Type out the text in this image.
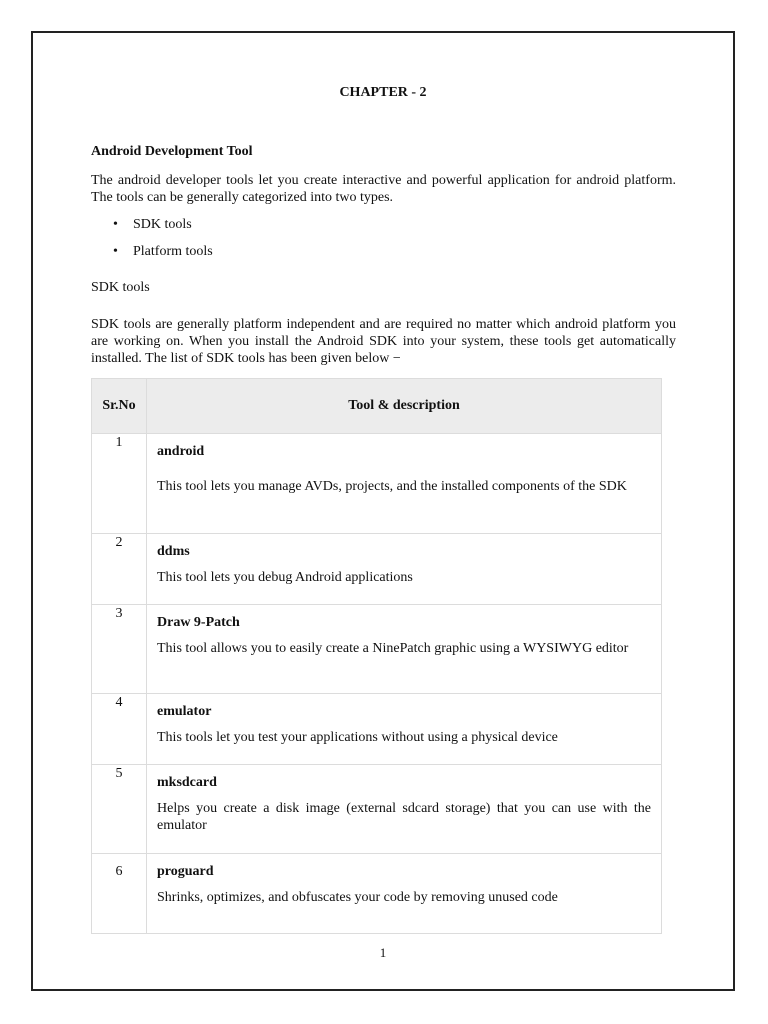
CHAPTER - 2
Android Development Tool
The android developer tools let you create interactive and powerful application for android platform. The tools can be generally categorized into two types.
• SDK tools
• Platform tools
SDK tools
SDK tools are generally platform independent and are required no matter which android platform you are working on. When you install the Android SDK into your system, these tools get automatically installed. The list of SDK tools has been given below −
Sr.No	Tool & description
1	android
This tool lets you manage AVDs, projects, and the installed components of the SDK

2	ddms
This tool lets you debug Android applications

3	Draw 9-Patch
This tool allows you to easily create a NinePatch graphic using a WYSIWYG editor

4	emulator
This tools let you test your applications without using a physical device

5	mksdcard
Helps you create a disk image (external sdcard storage) that you can use with the emulator

6	proguard
Shrinks, optimizes, and obfuscates your code by removing unused code
1
